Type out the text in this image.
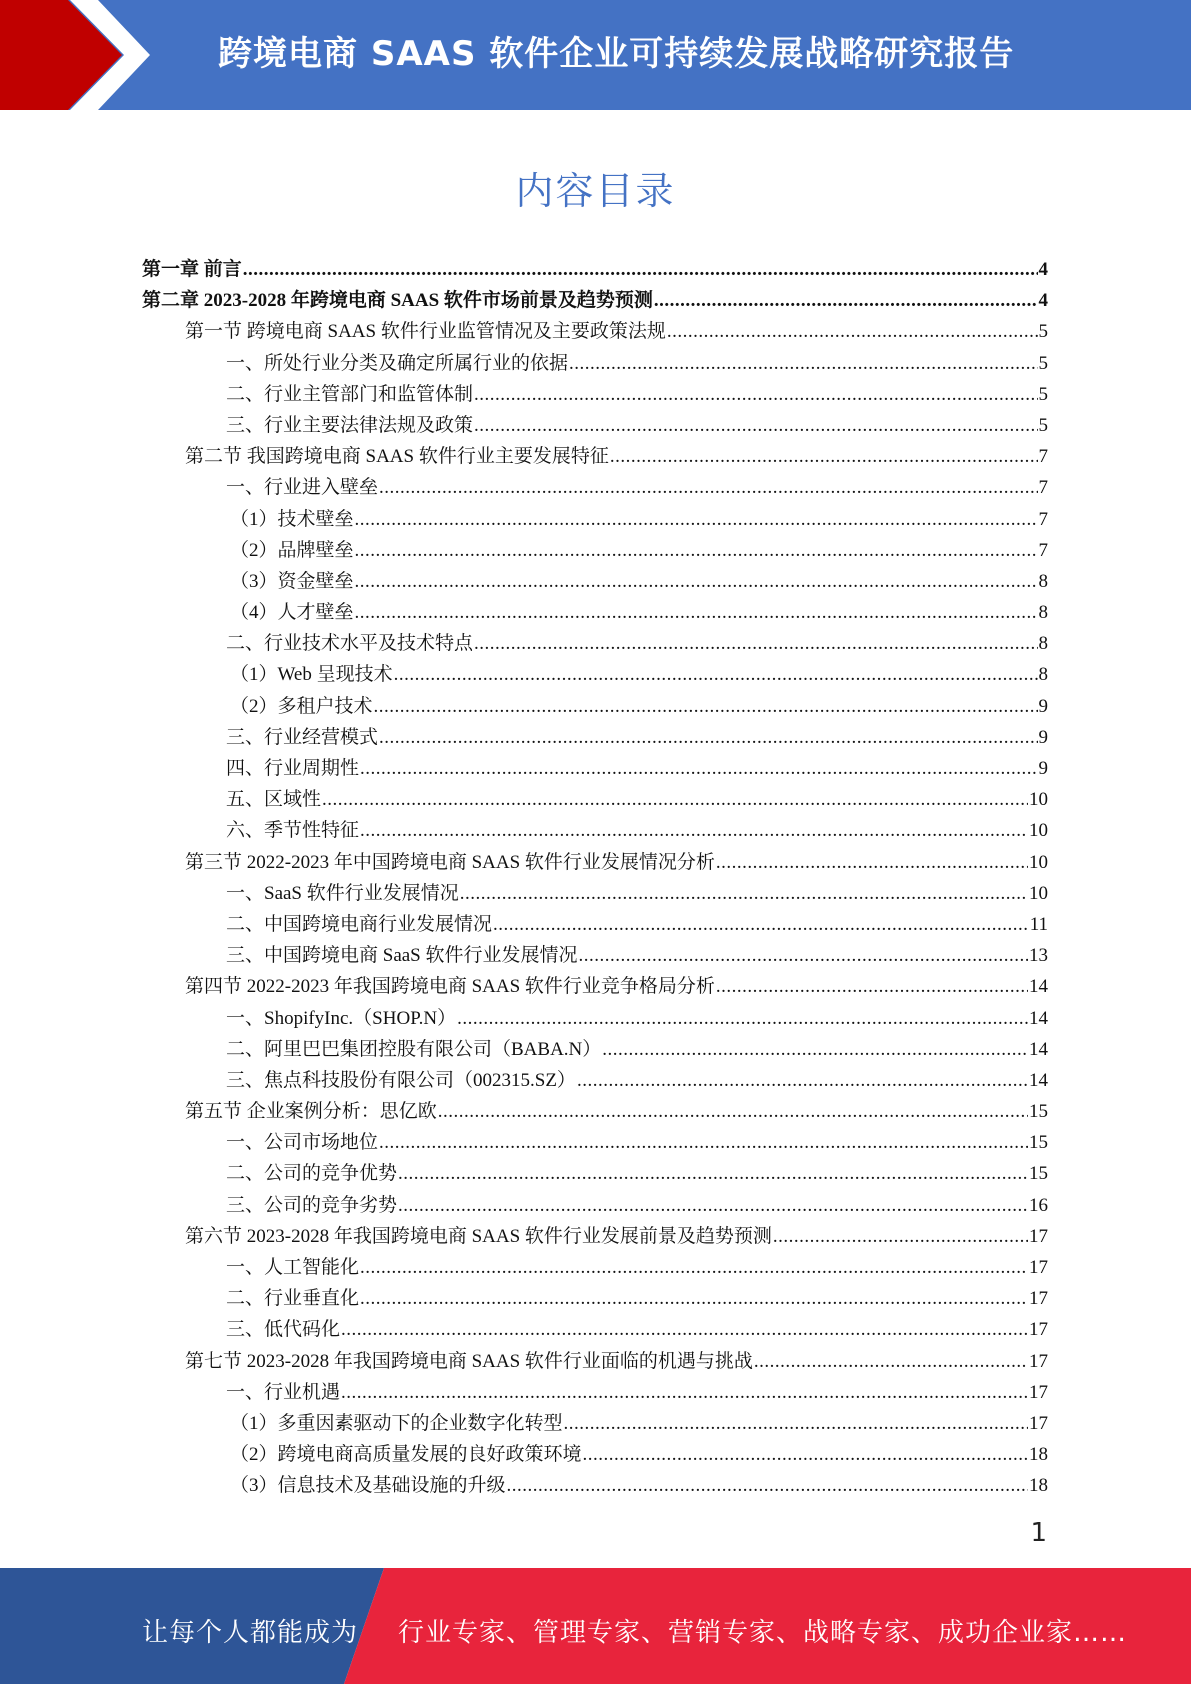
跨境电商 SAAS 软件企业可持续发展战略研究报告
内容目录
第一章 前言 .....	4
第二章 2023-2028 年跨境电商 SAAS 软件市场前景及趋势预测 .....	4
第一节 跨境电商 SAAS 软件行业监管情况及主要政策法规 .....	5
一、所处行业分类及确定所属行业的依据 .....	5
二、行业主管部门和监管体制 .....	5
三、行业主要法律法规及政策 .....	5
第二节 我国跨境电商 SAAS 软件行业主要发展特征 .....	7
一、行业进入壁垒 .....	7
（1）技术壁垒 .....	7
（2）品牌壁垒 .....	7
（3）资金壁垒 .....	8
（4）人才壁垒 .....	8
二、行业技术水平及技术特点 .....	8
（1）Web 呈现技术 .....	8
（2）多租户技术 .....	9
三、行业经营模式 .....	9
四、行业周期性 .....	9
五、区域性 .....	10
六、季节性特征 .....	10
第三节 2022-2023 年中国跨境电商 SAAS 软件行业发展情况分析 .....	10
一、SaaS 软件行业发展情况 .....	10
二、中国跨境电商行业发展情况 .....	11
三、中国跨境电商 SaaS 软件行业发展情况 .....	13
第四节 2022-2023 年我国跨境电商 SAAS 软件行业竞争格局分析 .....	14
一、ShopifyInc.（SHOP.N） .....	14
二、阿里巴巴集团控股有限公司（BABA.N） .....	14
三、焦点科技股份有限公司（002315.SZ） .....	14
第五节 企业案例分析：思亿欧 .....	15
一、公司市场地位 .....	15
二、公司的竞争优势 .....	15
三、公司的竞争劣势 .....	16
第六节 2023-2028 年我国跨境电商 SAAS 软件行业发展前景及趋势预测 .....	17
一、人工智能化 .....	17
二、行业垂直化 .....	17
三、低代码化 .....	17
第七节 2023-2028 年我国跨境电商 SAAS 软件行业面临的机遇与挑战 .....	17
一、行业机遇 .....	17
（1）多重因素驱动下的企业数字化转型 .....	17
（2）跨境电商高质量发展的良好政策环境 .....	18
（3）信息技术及基础设施的升级 .....	18
1
让每个人都能成为 行业专家、管理专家、营销专家、战略专家、成功企业家……
